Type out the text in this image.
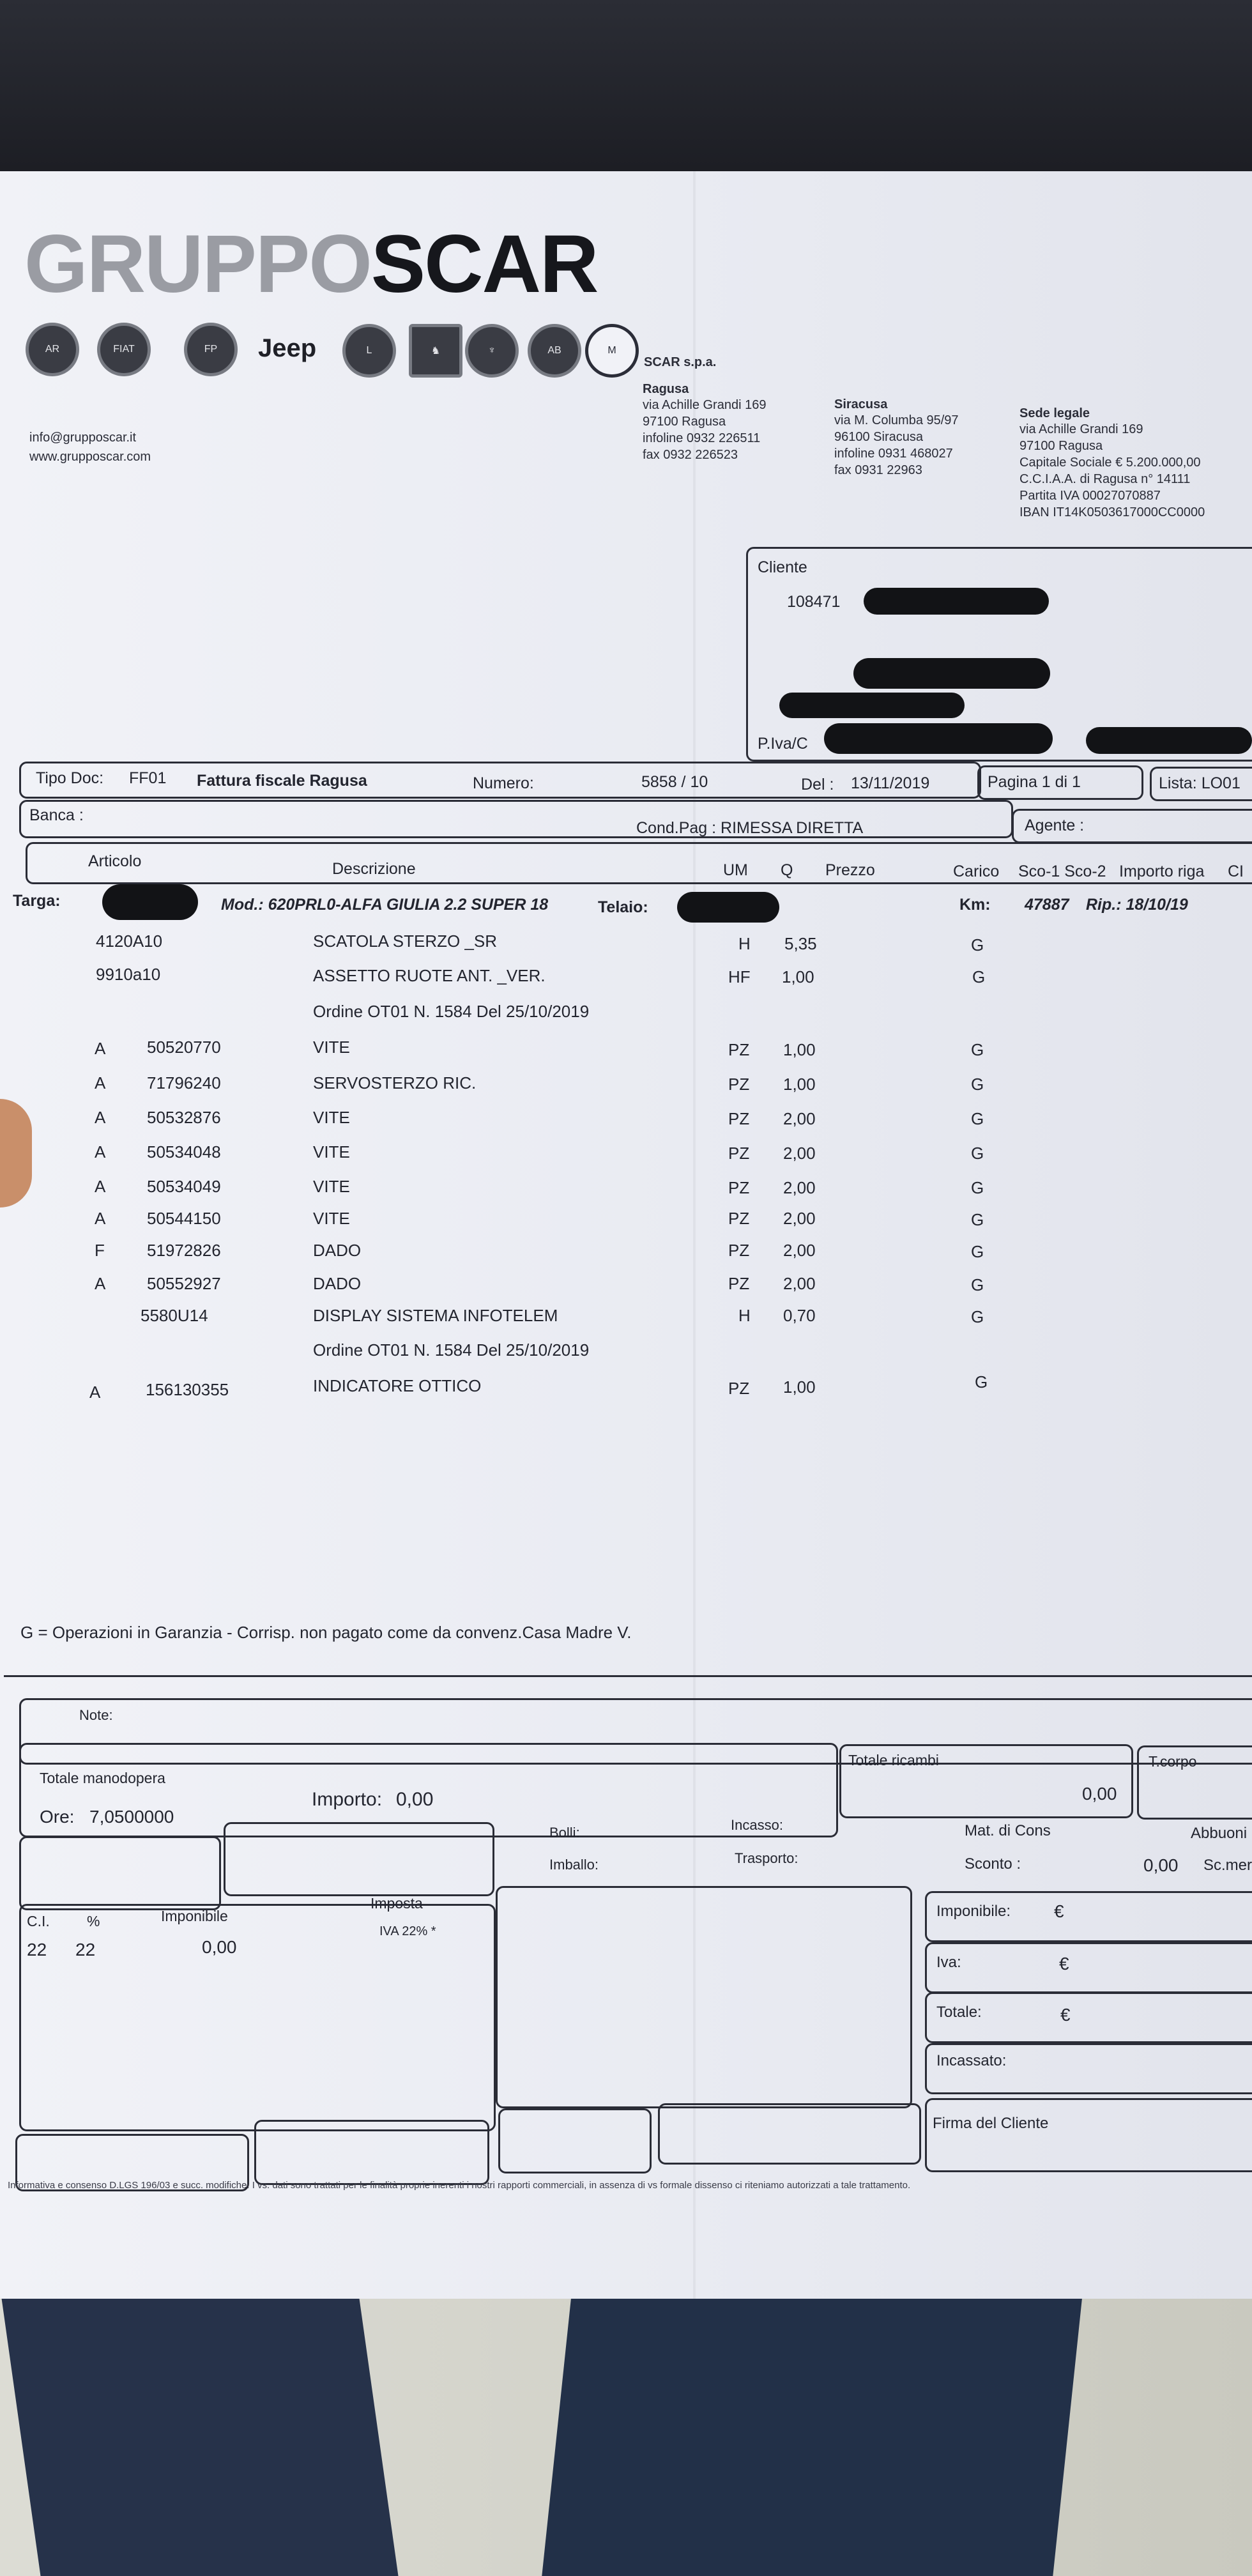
GRUPPOSCAR
AR	FIAT	FP	Jeep	L	♞	♆	AB	M
info@grupposcar.it
www.grupposcar.com
SCAR s.p.a.
Ragusa
via Achille Grandi 169
97100 Ragusa
infoline 0932 226511
fax 0932 226523
Siracusa
via M. Columba 95/97
96100 Siracusa
infoline 0931 468027
fax 0931 22963
Sede legale
via Achille Grandi 169
97100 Ragusa
Capitale Sociale € 5.200.000,00
C.C.I.A.A. di Ragusa n° 14111
Partita IVA 00027070887
IBAN IT14K0503617000CC0000
Cliente
108471
P.Iva/C
Tipo Doc: FF01 Fattura fiscale Ragusa	Numero:	5858 / 10	Del : 13/11/2019	Pagina 1 di 1	Lista: LO01
Banca :
Cond.Pag : RIMESSA DIRETTA	Agente :
Articolo	Descrizione	UM Q Prezzo	Carico Sco-1 Sco-2 Importo riga CI
Targa:	Mod.: 620PRL0-ALFA GIULIA 2.2 SUPER 18	Telaio:	Km: 47887 Rip.: 18/10/19
4120A10	SCATOLA STERZO _SR	H 5,35	G
9910a10	ASSETTO RUOTE ANT. _VER.	HF 1,00	G
Ordine OT01 N. 1584 Del 25/10/2019
A 50520770	VITE	PZ 1,00	G
A 71796240	SERVOSTERZO RIC.	PZ 1,00	G
A 50532876	VITE	PZ 2,00	G
A 50534048	VITE	PZ 2,00	G
A 50534049	VITE	PZ 2,00	G
A 50544150	VITE	PZ 2,00	G
F	51972826	DADO	PZ 2,00	G
A 50552927	DADO	PZ 2,00	G
5580U14	DISPLAY SISTEMA INFOTELEM	H 0,70	G
Ordine OT01 N. 1584 Del 25/10/2019
A	156130355	INDICATORE OTTICO	PZ 1,00	G
G = Operazioni in Garanzia - Corrisp. non pagato come da convenz.Casa Madre V.
Note:
Totale manodopera
Ore: 7,0500000
Importo: 0,00
Totale ricambi
0,00
T.corpo
Bolli:
Imballo:
Incasso:
Trasporto:
Mat. di Cons
Sconto :	0,00
Abbuoni
Sc.mer
C.I.	%	Imponibile
Imposta
22 22	0,00
IVA 22% *
Imponibile: €
Iva:	€
Totale:	€
Incassato:
Firma del Cliente
Informativa e consenso D.LGS 196/03 e succ. modifiche. I vs. dati sono trattati per le finalità proprie inerenti i nostri rapporti commerciali, in assenza di vs formale dissenso ci riteniamo autorizzati a tale trattamento.
